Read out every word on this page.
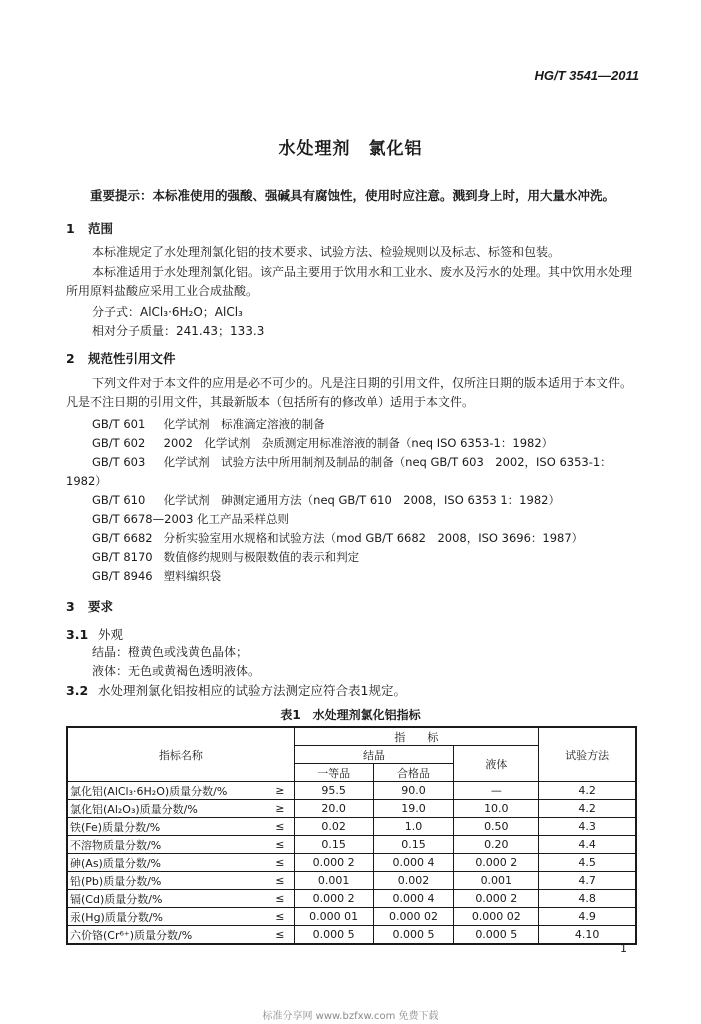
HG/T 3541—2011
水处理剂　氯化铝
重要提示：本标准使用的强酸、强碱具有腐蚀性，使用时应注意。溅到身上时，用大量水冲洗。
1 范围
本标准规定了水处理剂氯化铝的技术要求、试验方法、检验规则以及标志、标签和包装。
本标准适用于水处理剂氯化铝。该产品主要用于饮用水和工业水、废水及污水的处理。其中饮用水处理所用原料盐酸应采用工业合成盐酸。
分子式：AlCl₃·6H₂O；AlCl₃
相对分子质量：241.43；133.3
2 规范性引用文件
下列文件对于本文件的应用是必不可少的。凡是注日期的引用文件，仅所注日期的版本适用于本文件。凡是不注日期的引用文件，其最新版本（包括所有的修改单）适用于本文件。
GB/T 601 化学试剂　标准滴定溶液的制备
GB/T 602 2002　化学试剂　杂质测定用标准溶液的制备（neq ISO 6353-1：1982）
GB/T 603 化学试剂　试验方法中所用制剂及制品的制备（neq GB/T 603　2002，ISO 6353-1：
1982）
GB/T 610 化学试剂　砷测定通用方法（neq GB/T 610　2008，ISO 6353 1：1982）
GB/T 6678—2003 化工产品采样总则
GB/T 6682 分析实验室用水规格和试验方法（mod GB/T 6682　2008，ISO 3696：1987）
GB/T 8170 数值修约规则与极限数值的表示和判定
GB/T 8946 塑料编织袋
3 要求
3.1 外观
结晶：橙黄色或浅黄色晶体；
液体：无色或黄褐色透明液体。
3.2 水处理剂氯化铝按相应的试验方法测定应符合表1规定。
表1　水处理剂氯化铝指标
指标名称		指　　标			试验方法
		结晶		液体	
		一等品	合格品		
氯化铝(AlCl₃·6H₂O)质量分数/%	≥	95.5	90.0	—	4.2
氯化铝(Al₂O₃)质量分数/%	≥	20.0	19.0	10.0	4.2
铁(Fe)质量分数/%	≤	0.02	1.0	0.50	4.3
不溶物质量分数/%	≤	0.15	0.15	0.20	4.4
砷(As)质量分数/%	≤	0.000 2	0.000 4	0.000 2	4.5
铅(Pb)质量分数/%	≤	0.001	0.002	0.001	4.7
镉(Cd)质量分数/%	≤	0.000 2	0.000 4	0.000 2	4.8
汞(Hg)质量分数/%	≤	0.000 01	0.000 02	0.000 02	4.9
六价铬(Cr⁶⁺)质量分数/%	≤	0.000 5	0.000 5	0.000 5	4.10
1
标准分享网 www.bzfxw.com 免费下载
